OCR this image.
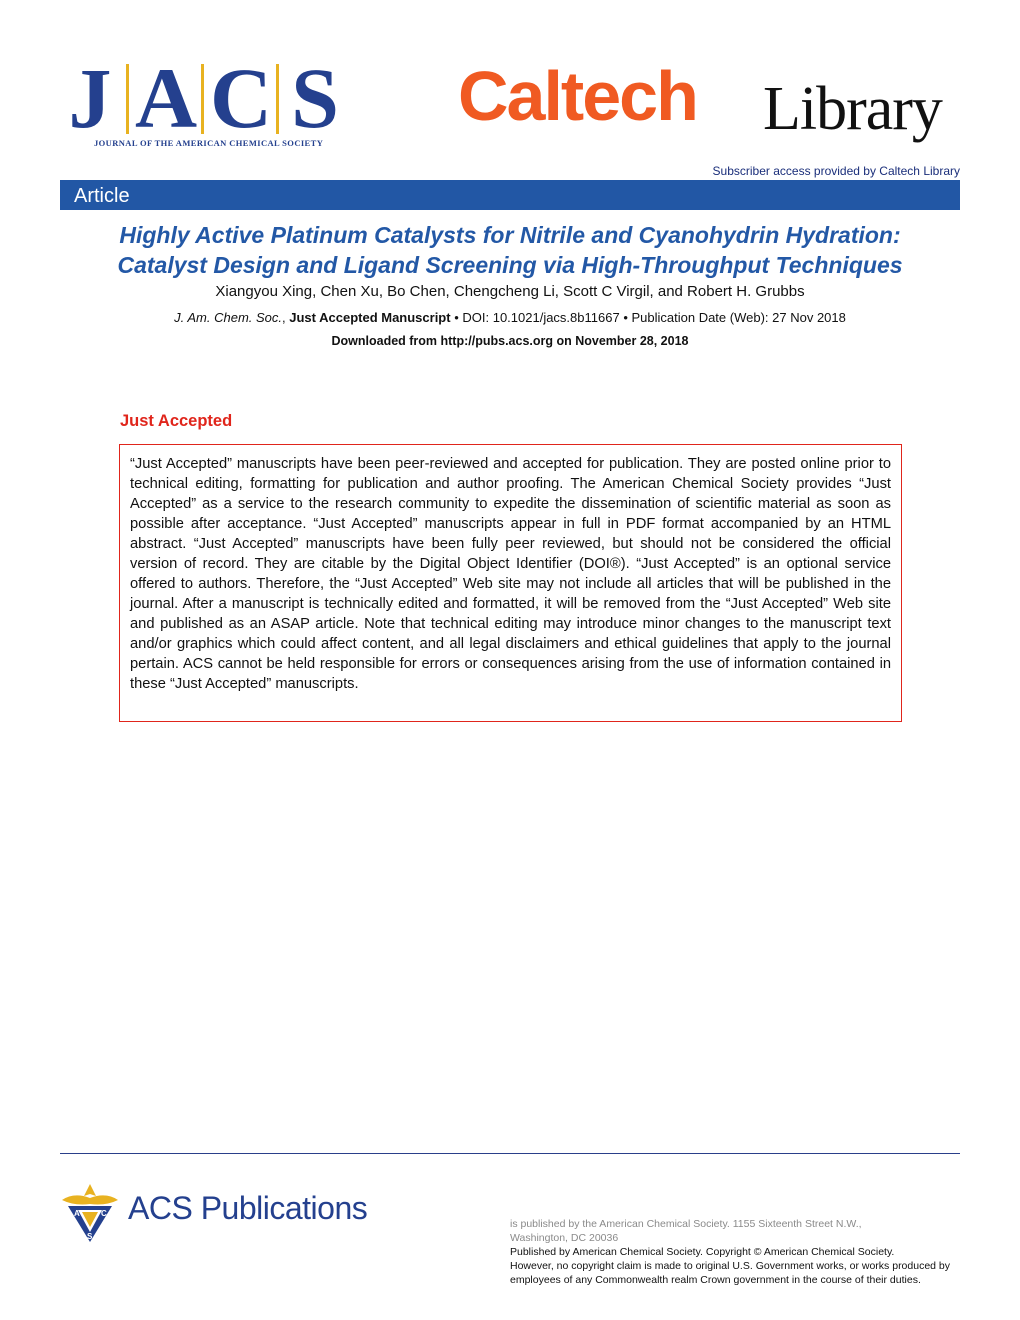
J A C S
JOURNAL OF THE AMERICAN CHEMICAL SOCIETY
Caltech Library
Subscriber access provided by Caltech Library
Article
Highly Active Platinum Catalysts for Nitrile and Cyanohydrin Hydration:
Catalyst Design and Ligand Screening via High-Throughput Techniques
Xiangyou Xing, Chen Xu, Bo Chen, Chengcheng Li, Scott C Virgil, and Robert H. Grubbs
J. Am. Chem. Soc., Just Accepted Manuscript • DOI: 10.1021/jacs.8b11667 • Publication Date (Web): 27 Nov 2018
Downloaded from http://pubs.acs.org on November 28, 2018
Just Accepted
“Just Accepted” manuscripts have been peer-reviewed and accepted for publication. They are posted online prior to technical editing, formatting for publication and author proofing. The American Chemical Society provides “Just Accepted” as a service to the research community to expedite the dissemination of scientific material as soon as possible after acceptance. “Just Accepted” manuscripts appear in full in PDF format accompanied by an HTML abstract. “Just Accepted” manuscripts have been fully peer reviewed, but should not be considered the official version of record. They are citable by the Digital Object Identifier (DOI®). “Just Accepted” is an optional service offered to authors. Therefore, the “Just Accepted” Web site may not include all articles that will be published in the journal. After a manuscript is technically edited and formatted, it will be removed from the “Just Accepted” Web site and published as an ASAP article. Note that technical editing may introduce minor changes to the manuscript text and/or graphics which could affect content, and all legal disclaimers and ethical guidelines that apply to the journal pertain. ACS cannot be held responsible for errors or consequences arising from the use of information contained in these “Just Accepted” manuscripts.
A	C
S
ACS Publications	is published by the American Chemical Society. 1155 Sixteenth Street N.W.,
Washington, DC 20036
Published by American Chemical Society. Copyright © American Chemical Society.
However, no copyright claim is made to original U.S. Government works, or works produced by employees of any Commonwealth realm Crown government in the course of their duties.
